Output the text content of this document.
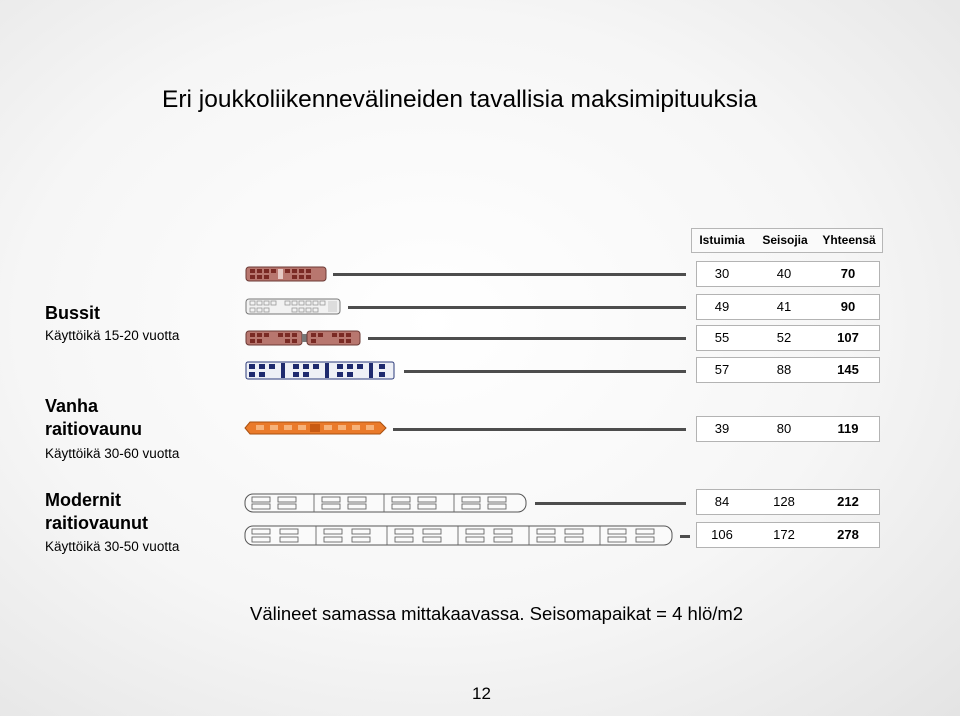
Eri joukkoliikennevälineiden tavallisia maksimipituuksia
Bussit
Käyttöikä 15-20 vuotta
Vanha raitiovaunu
Käyttöikä 30-60 vuotta
Modernit raitiovaunut
Käyttöikä 30-50 vuotta
Istuimia	Seisojia	Yhteensä
30	40	70
49	41	90
55	52	107
57	88	145
39	80	119
84	128	212
106	172	278
Välineet samassa mittakaavassa. Seisomapaikat = 4 hlö/m2
12
